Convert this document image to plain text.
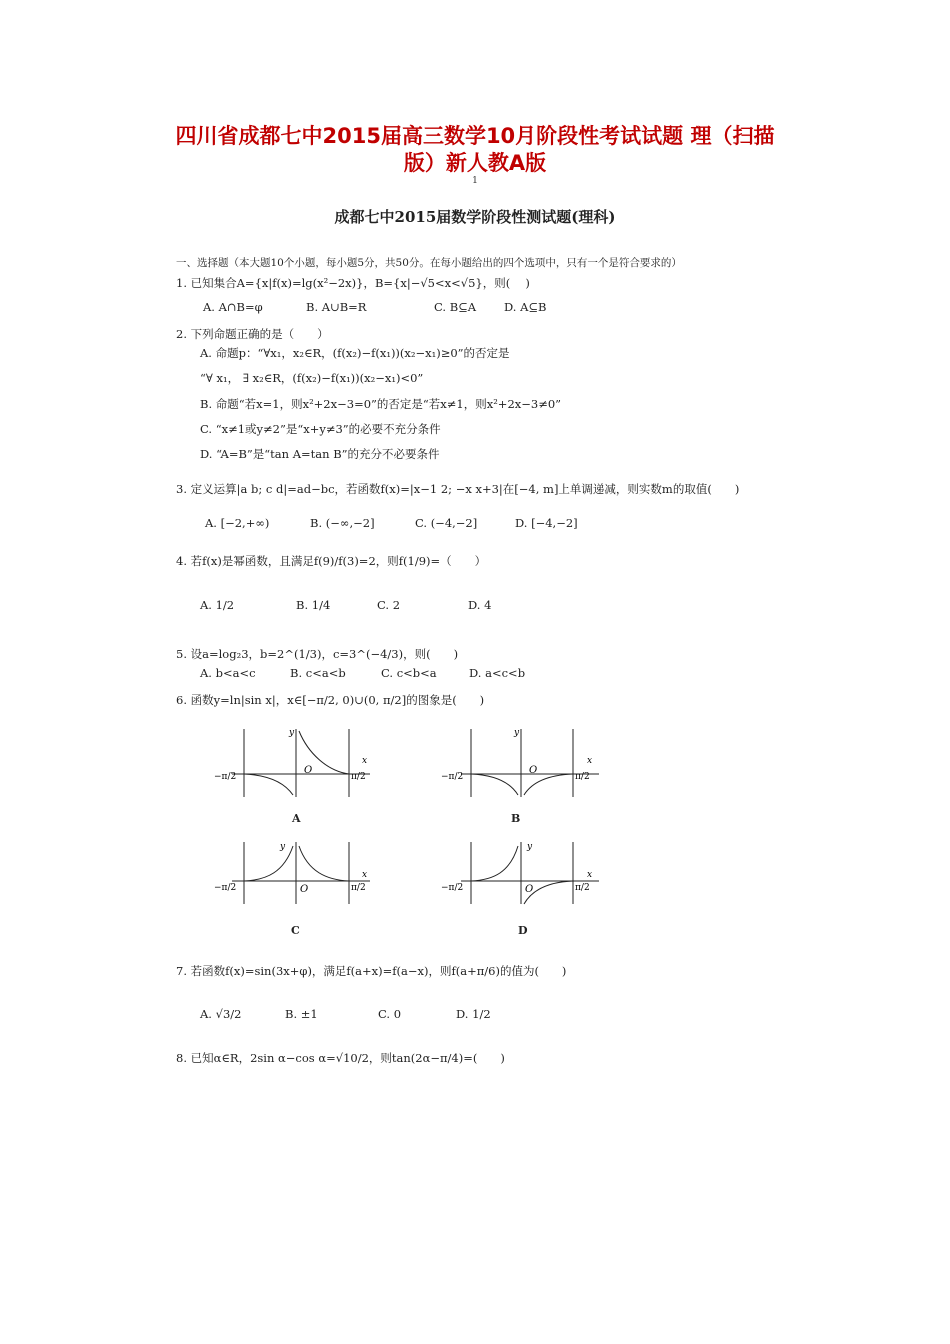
四川省成都七中2015届高三数学10月阶段性考试试题 理（扫描
版）新人教A版
1
成都七中2015届数学阶段性测试题(理科)
一、选择题（本大题10个小题，每小题5分，共50分。在每小题给出的四个选项中，只有一个是符合要求的）
1. 已知集合A={x|f(x)=lg(x²−2x)}，B={x|−√5<x<√5}，则(　 )
A. A∩B=φ	B. A∪B=R	C. B⊆A D. A⊆B
2. 下列命题正确的是（　　）
A. 命题p：“∀x₁，x₂∈R，(f(x₂)−f(x₁))(x₂−x₁)≥0”的否定是
“∀ x₁， ∃ x₂∈R，(f(x₂)−f(x₁))(x₂−x₁)<0”
B. 命题“若x=1，则x²+2x−3=0”的否定是“若x≠1，则x²+2x−3≠0”
C. “x≠1或y≠2”是“x+y≠3”的必要不充分条件
D. “A=B”是“tan A=tan B”的充分不必要条件
3. 定义运算|a b; c d|=ad−bc，若函数f(x)=|x−1 2; −x x+3|在[−4, m]上单调递减，则实数m的取值(　　)
A. [−2,+∞)	B. (−∞,−2]	C. (−4,−2]	D. [−4,−2]
4. 若f(x)是幂函数，且满足f(9)/f(3)=2，则f(1/9)=（　　）
A. 1/2	B. 1/4	C. 2	D. 4
5. 设a=log₂3，b=2^(1/3)，c=3^(−4/3)，则(　　)
A. b<a<c	B. c<a<b	C. c<b<a	D. a<c<b
6. 函数y=ln|sin x|，x∈[−π/2, 0)∪(0, π/2]的图象是(　　)
y
x
O
−π/2	π/2
A
y
x
O
−π/2	π/2
B
y
x
O
−π/2	π/2
C
y
x
O
−π/2	π/2
D
7. 若函数f(x)=sin(3x+φ)，满足f(a+x)=f(a−x)，则f(a+π/6)的值为(　　)
A. √3/2	B. ±1	C. 0	D. 1/2
8. 已知α∈R，2sin α−cos α=√10/2，则tan(2α−π/4)=(　　)
